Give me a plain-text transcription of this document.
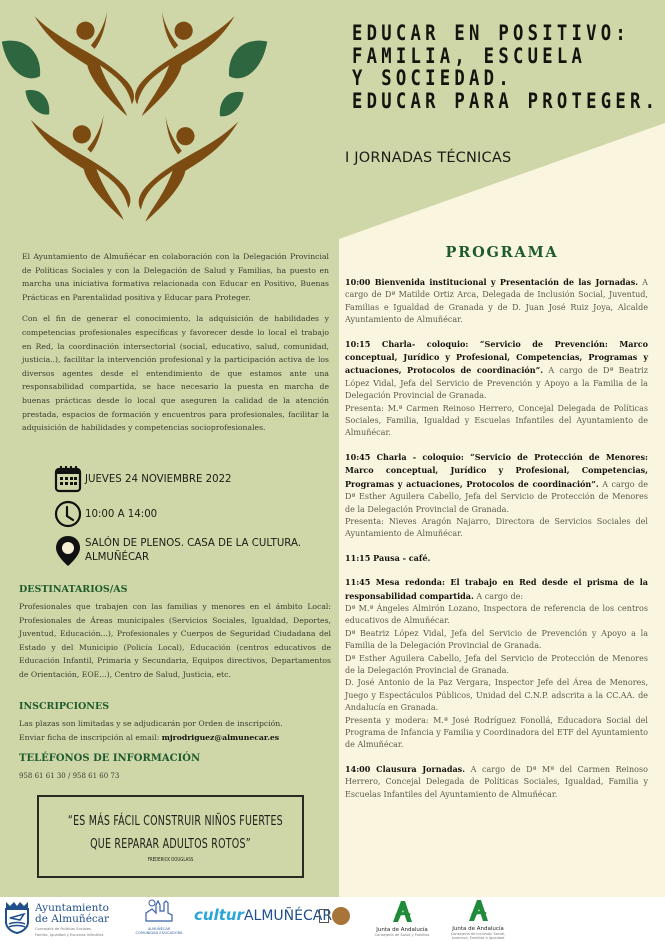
EDUCAR EN POSITIVO:
FAMILIA, ESCUELA
Y SOCIEDAD.
EDUCAR PARA PROTEGER.
I JORNADAS TÉCNICAS

El Ayuntamiento de Almuñécar en colaboración con la Delegación Provincial de Políticas Sociales y con la Delegación de Salud y Familias, ha puesto en marcha una iniciativa formativa relacionada con Educar en Positivo, Buenas Prácticas en Parentalidad positiva y Educar para Proteger.

Con el fin de generar el conocimiento, la adquisición de habilidades y competencias profesionales específicas y favorecer desde lo local el trabajo en Red, la coordinación intersectorial (social, educativo, salud, comunidad, justicia..), facilitar la intervención profesional y la participación activa de los diversos agentes desde el entendimiento de que estamos ante una responsabilidad compartida, se hace necesario la puesta en marcha de buenas prácticas desde lo local que aseguren la calidad de la atención prestada, espacios de formación y encuentros para profesionales, facilitar la adquisición de habilidades y competencias socioprofesionales.

JUEVES 24 NOVIEMBRE 2022
10:00 A 14:00
SALÓN DE PLENOS. CASA DE LA CULTURA.
ALMUÑÉCAR
DESTINATARIOS/AS
Profesionales que trabajen con las familias y menores en el ámbito Local: Profesionales de Áreas municipales (Servicios Sociales, Igualdad, Deportes, Juventud, Educación...), Profesionales y Cuerpos de Seguridad Ciudadana del Estado y del Municipio (Policía Local), Educación (centros educativos de Educación Infantil, Primaria y Secundaria, Equipos directivos, Departamentos de Orientación, EOE...), Centro de Salud, Justicia, etc.
INSCRIPCIONES
Las plazas son limitadas y se adjudicarán por Orden de inscripción.
Enviar ficha de inscripción al email: mjrodriguez@almunecar.es
TELÉFONOS DE INFORMACIÓN
958 61 61 30 / 958 61 60 73
“ES MÁS FÁCIL CONSTRUIR NIÑOS FUERTES
QUE REPARAR ADULTOS ROTOS”
FREDERICK DOUGLASS
PROGRAMA
10:00 Bienvenida institucional y Presentación de las Jornadas. A cargo de Dª Matilde Ortiz Arca, Delegada de Inclusión Social, Juventud, Familias e Igualdad de Granada y de D. Juan José Ruiz Joya, Alcalde Ayuntamiento de Almuñécar.
10:15 Charla- coloquio: “Servicio de Prevención: Marco conceptual, Jurídico y Profesional, Competencias, Programas y actuaciones, Protocolos de coordinación”. A cargo de Dª Beatriz López Vidal, Jefa del Servicio de Prevención y Apoyo a la Familia de la Delegación Provincial de Granada.
Presenta: M.ª Carmen Reinoso Herrero, Concejal Delegada de Políticas Sociales, Familia, Igualdad y Escuelas Infantiles del Ayuntamiento de Almuñécar.
10:45 Charla - coloquio: “Servicio de Protección de Menores: Marco conceptual, Jurídico y Profesional, Competencias, Programas y actuaciones, Protocolos de coordinación”. A cargo de Dª Esther Aguilera Cabello, Jefa del Servicio de Protección de Menores de la Delegación Provincial de Granada.
Presenta: Nieves Aragón Najarro, Directora de Servicios Sociales del Ayuntamiento de Almuñécar.
11:15 Pausa - café.
11:45 Mesa redonda: El trabajo en Red desde el prisma de la responsabilidad compartida. A cargo de:
Dª M.ª Ángeles Almirón Lozano, Inspectora de referencia de los centros educativos de Almuñécar.
Dª Beatriz López Vidal, Jefa del Servicio de Prevención y Apoyo a la Familia de la Delegación Provincial de Granada.
Dª Esther Aguilera Cabello, Jefa del Servicio de Protección de Menores de la Delegación Provincial de Granada.
D. José Antonio de la Paz Vergara, Inspector Jefe del Área de Menores, Juego y Espectáculos Públicos, Unidad del C.N.P. adscrita a la CC.AA. de Andalucía en Granada.
Presenta y modera: M.ª José Rodríguez Fonollá, Educadora Social del Programa de Infancia y Familia y Coordinadora del ETF del Ayuntamiento de Almuñécar.
14:00 Clausura Jornadas. A cargo de Dª Mª del Carmen Reinoso Herrero, Concejal Delegada de Políticas Sociales, Igualdad, Familia y Escuelas Infantiles del Ayuntamiento de Almuñécar.
Ayuntamiento
de Almuñécar
Concejalía de Políticas Sociales,
Familia, Igualdad y Escuelas Infantiles
ALMUÑÉCAR
COMUNIDAD EDUCADORA
culturALMUÑÉCAR
Junta de Andalucía
Consejería de Salud y Familias
Junta de Andalucía
Consejería de Inclusión Social,
Juventud, Familias e Igualdad
